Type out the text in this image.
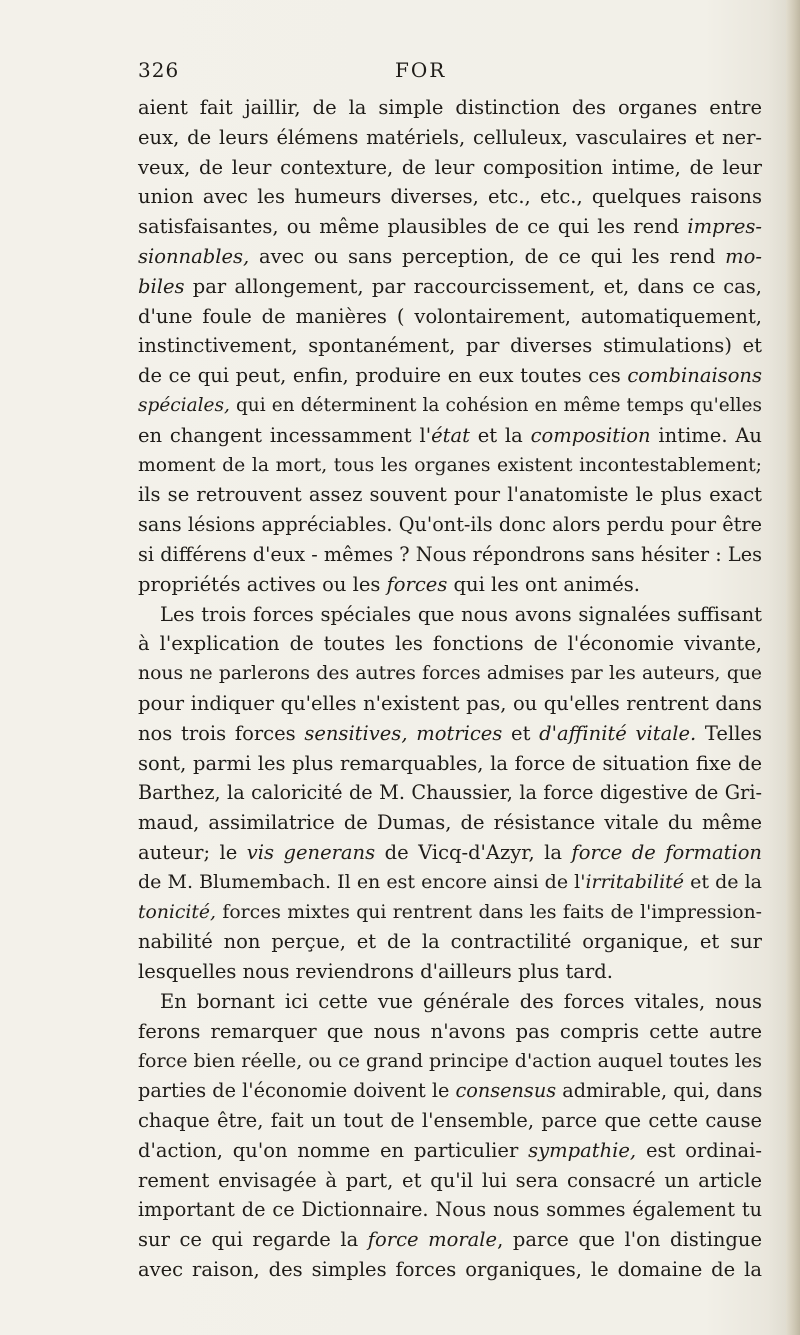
326	FOR
aient fait jaillir, de la simple distinction des organes entre
eux, de leurs élémens matériels, celluleux, vasculaires et ner-
veux, de leur contexture, de leur composition intime, de leur
union avec les humeurs diverses, etc., etc., quelques raisons
satisfaisantes, ou même plausibles de ce qui les rend impres-
sionnables, avec ou sans perception, de ce qui les rend mo-
biles par allongement, par raccourcissement, et, dans ce cas,
d'une foule de manières ( volontairement, automatiquement,
instinctivement, spontanément, par diverses stimulations) et
de ce qui peut, enfin, produire en eux toutes ces combinaisons
spéciales, qui en déterminent la cohésion en même temps qu'elles
en changent incessamment l'état et la composition intime. Au
moment de la mort, tous les organes existent incontestablement;
ils se retrouvent assez souvent pour l'anatomiste le plus exact
sans lésions appréciables. Qu'ont-ils donc alors perdu pour être
si différens d'eux - mêmes ? Nous répondrons sans hésiter : Les
propriétés actives ou les forces qui les ont animés.
Les trois forces spéciales que nous avons signalées suffisant
à l'explication de toutes les fonctions de l'économie vivante,
nous ne parlerons des autres forces admises par les auteurs, que
pour indiquer qu'elles n'existent pas, ou qu'elles rentrent dans
nos trois forces sensitives, motrices et d'affinité vitale. Telles
sont, parmi les plus remarquables, la force de situation fixe de
Barthez, la caloricité de M. Chaussier, la force digestive de Gri-
maud, assimilatrice de Dumas, de résistance vitale du même
auteur; le vis generans de Vicq-d'Azyr, la force de formation
de M. Blumembach. Il en est encore ainsi de l'irritabilité et de la
tonicité, forces mixtes qui rentrent dans les faits de l'impression-
nabilité non perçue, et de la contractilité organique, et sur
lesquelles nous reviendrons d'ailleurs plus tard.
En bornant ici cette vue générale des forces vitales, nous
ferons remarquer que nous n'avons pas compris cette autre
force bien réelle, ou ce grand principe d'action auquel toutes les
parties de l'économie doivent le consensus admirable, qui, dans
chaque être, fait un tout de l'ensemble, parce que cette cause
d'action, qu'on nomme en particulier sympathie, est ordinai-
rement envisagée à part, et qu'il lui sera consacré un article
important de ce Dictionnaire. Nous nous sommes également tu
sur ce qui regarde la force morale, parce que l'on distingue
avec raison, des simples forces organiques, le domaine de la
